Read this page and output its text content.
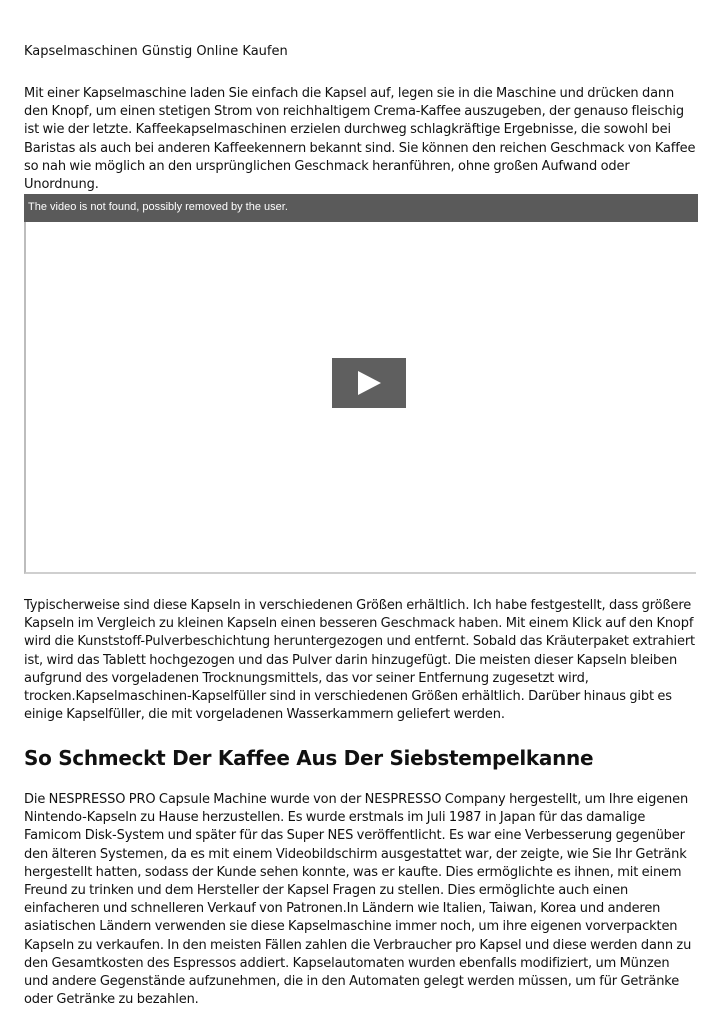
Kapselmaschinen Günstig Online Kaufen

Mit einer Kapselmaschine laden Sie einfach die Kapsel auf, legen sie in die Maschine und drücken dann den Knopf, um einen stetigen Strom von reichhaltigem Crema-Kaffee auszugeben, der genauso fleischig ist wie der letzte. Kaffeekapselmaschinen erzielen durchweg schlagkräftige Ergebnisse, die sowohl bei Baristas als auch bei anderen Kaffeekennern bekannt sind. Sie können den reichen Geschmack von Kaffee so nah wie möglich an den ursprünglichen Geschmack heranführen, ohne großen Aufwand oder Unordnung.

The video is not found, possibly removed by the user.

Typischerweise sind diese Kapseln in verschiedenen Größen erhältlich. Ich habe festgestellt, dass größere Kapseln im Vergleich zu kleinen Kapseln einen besseren Geschmack haben. Mit einem Klick auf den Knopf wird die Kunststoff-Pulverbeschichtung heruntergezogen und entfernt. Sobald das Kräuterpaket extrahiert ist, wird das Tablett hochgezogen und das Pulver darin hinzugefügt. Die meisten dieser Kapseln bleiben aufgrund des vorgeladenen Trocknungsmittels, das vor seiner Entfernung zugesetzt wird, trocken.Kapselmaschinen-Kapselfüller sind in verschiedenen Größen erhältlich. Darüber hinaus gibt es einige Kapselfüller, die mit vorgeladenen Wasserkammern geliefert werden.

So Schmeckt Der Kaffee Aus Der Siebstempelkanne

Die NESPRESSO PRO Capsule Machine wurde von der NESPRESSO Company hergestellt, um Ihre eigenen Nintendo-Kapseln zu Hause herzustellen. Es wurde erstmals im Juli 1987 in Japan für das damalige Famicom Disk-System und später für das Super NES veröffentlicht. Es war eine Verbesserung gegenüber den älteren Systemen, da es mit einem Videobildschirm ausgestattet war, der zeigte, wie Sie Ihr Getränk hergestellt hatten, sodass der Kunde sehen konnte, was er kaufte. Dies ermöglichte es ihnen, mit einem Freund zu trinken und dem Hersteller der Kapsel Fragen zu stellen. Dies ermöglichte auch einen einfacheren und schnelleren Verkauf von Patronen.In Ländern wie Italien, Taiwan, Korea und anderen asiatischen Ländern verwenden sie diese Kapselmaschine immer noch, um ihre eigenen vorverpackten Kapseln zu verkaufen. In den meisten Fällen zahlen die Verbraucher pro Kapsel und diese werden dann zu den Gesamtkosten des Espressos addiert. Kapselautomaten wurden ebenfalls modifiziert, um Münzen und andere Gegenstände aufzunehmen, die in den Automaten gelegt werden müssen, um für Getränke oder Getränke zu bezahlen.
